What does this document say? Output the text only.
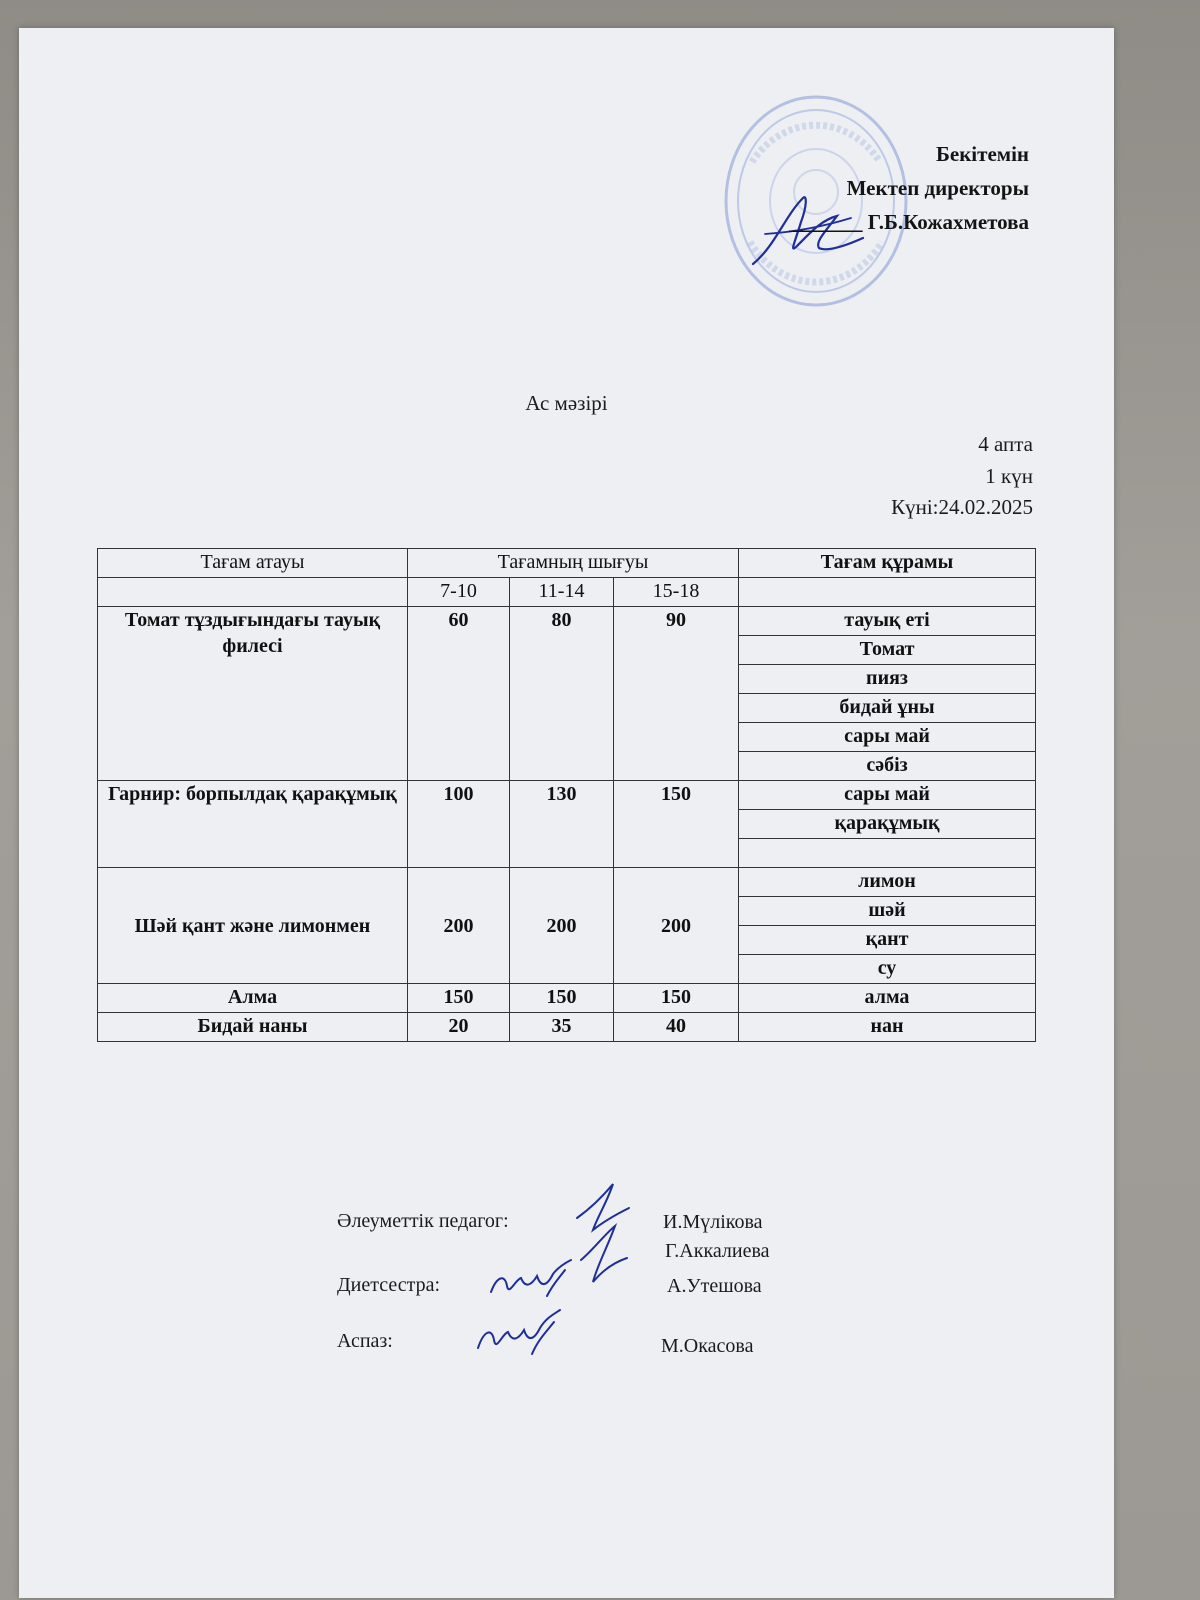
Бекітемін
Мектеп директоры
_______ Г.Б.Кожахметова
Ас мәзірі
4 апта
1 күн
Күні:24.02.2025
Тағам атауы	Тағамның шығуы			Тағам құрамы
	7-10	11-14	15-18	
Томат тұздығындағы тауық филесі	60	80	90	тауық еті
				Томат
				пияз
				бидай ұны
				сары май
				сәбіз
Гарнир: борпылдақ қарақұмық	100	130	150	сары май
				қарақұмық

Шәй қант және лимонмен	200	200	200	лимон
				шәй
				қант
				су
Алма	150	150	150	алма
Бидай наны	20	35	40	нан
Әлеуметтік педагог:	И.Мүлікова
Г.Аккалиева
Диетсестра:	А.Утешова
Аспаз:	М.Окасова
